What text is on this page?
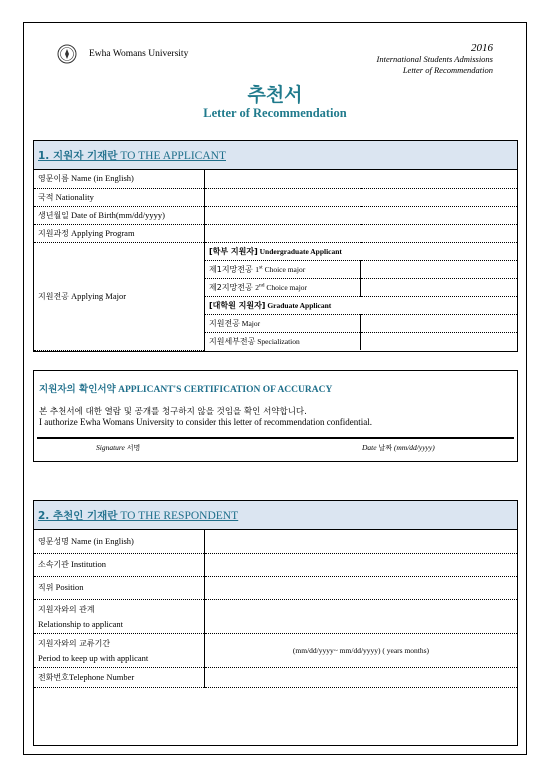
Ewha Womans University	2016
International Students Admissions
Letter of Recommendation
추천서
Letter of Recommendation
1. 지원자 기재란 TO THE APPLICANT
영문이름 Name (in English)		
국적 Nationality		
생년월일 Date of Birth(mm/dd/yyyy)		
지원과정 Applying Program		
지원전공 Applying Major	[학부 지원자] Undergraduate Applicant	
	제1지망전공 1st Choice major	
	제2지망전공 2nd Choice major	
	[대학원 지원자] Graduate Applicant	
	지원전공 Major	
	지원세부전공 Specialization	
지원자의 확인서약 APPLICANT'S CERTIFICATION OF ACCURACY
본 추천서에 대한 열람 및 공개를 청구하지 않을 것임을 확인 서약합니다.
I authorize Ewha Womans University to consider this letter of recommendation confidential.
Signature 서명	Date 날짜 (mm/dd/yyyy)
2. 추천인 기재란 TO THE RESPONDENT
영문성명 Name (in English)	
소속기관 Institution	
직위 Position	

지원자와의 관계
Relationship to applicant	

지원자와의 교류기간
Period to keep up with applicant	(mm/dd/yyyy~ mm/dd/yyyy) ( years months)
전화번호Telephone Number	
